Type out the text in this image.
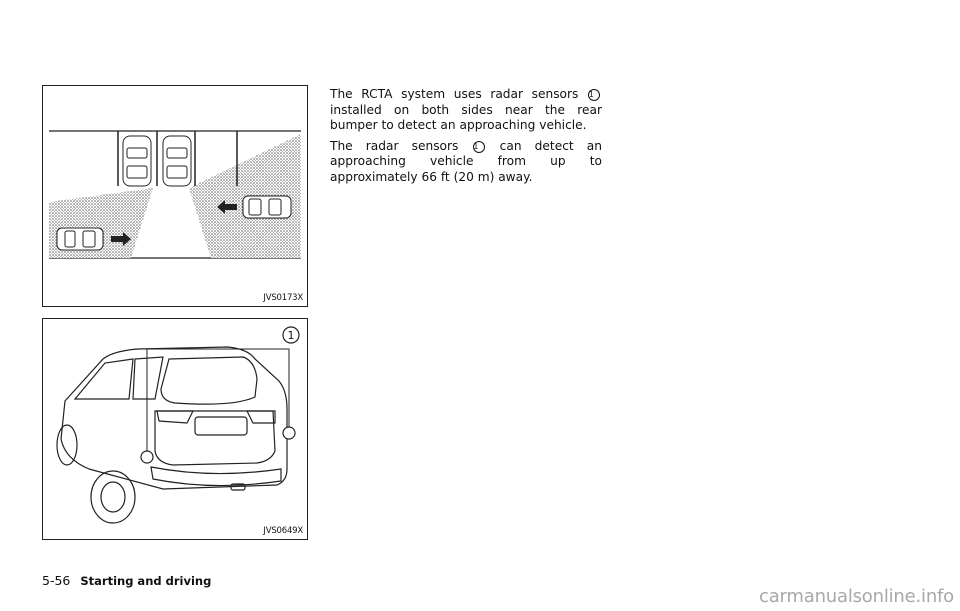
JVS0173X
1
JVS0649X

The RCTA system uses radar sensors 1 installed on both sides near the rear bumper to detect an approaching vehicle.

The radar sensors 1 can detect an approaching vehicle from up to approximately 66 ft (20 m) away.

5-56 Starting and driving
carmanualsonline.info
